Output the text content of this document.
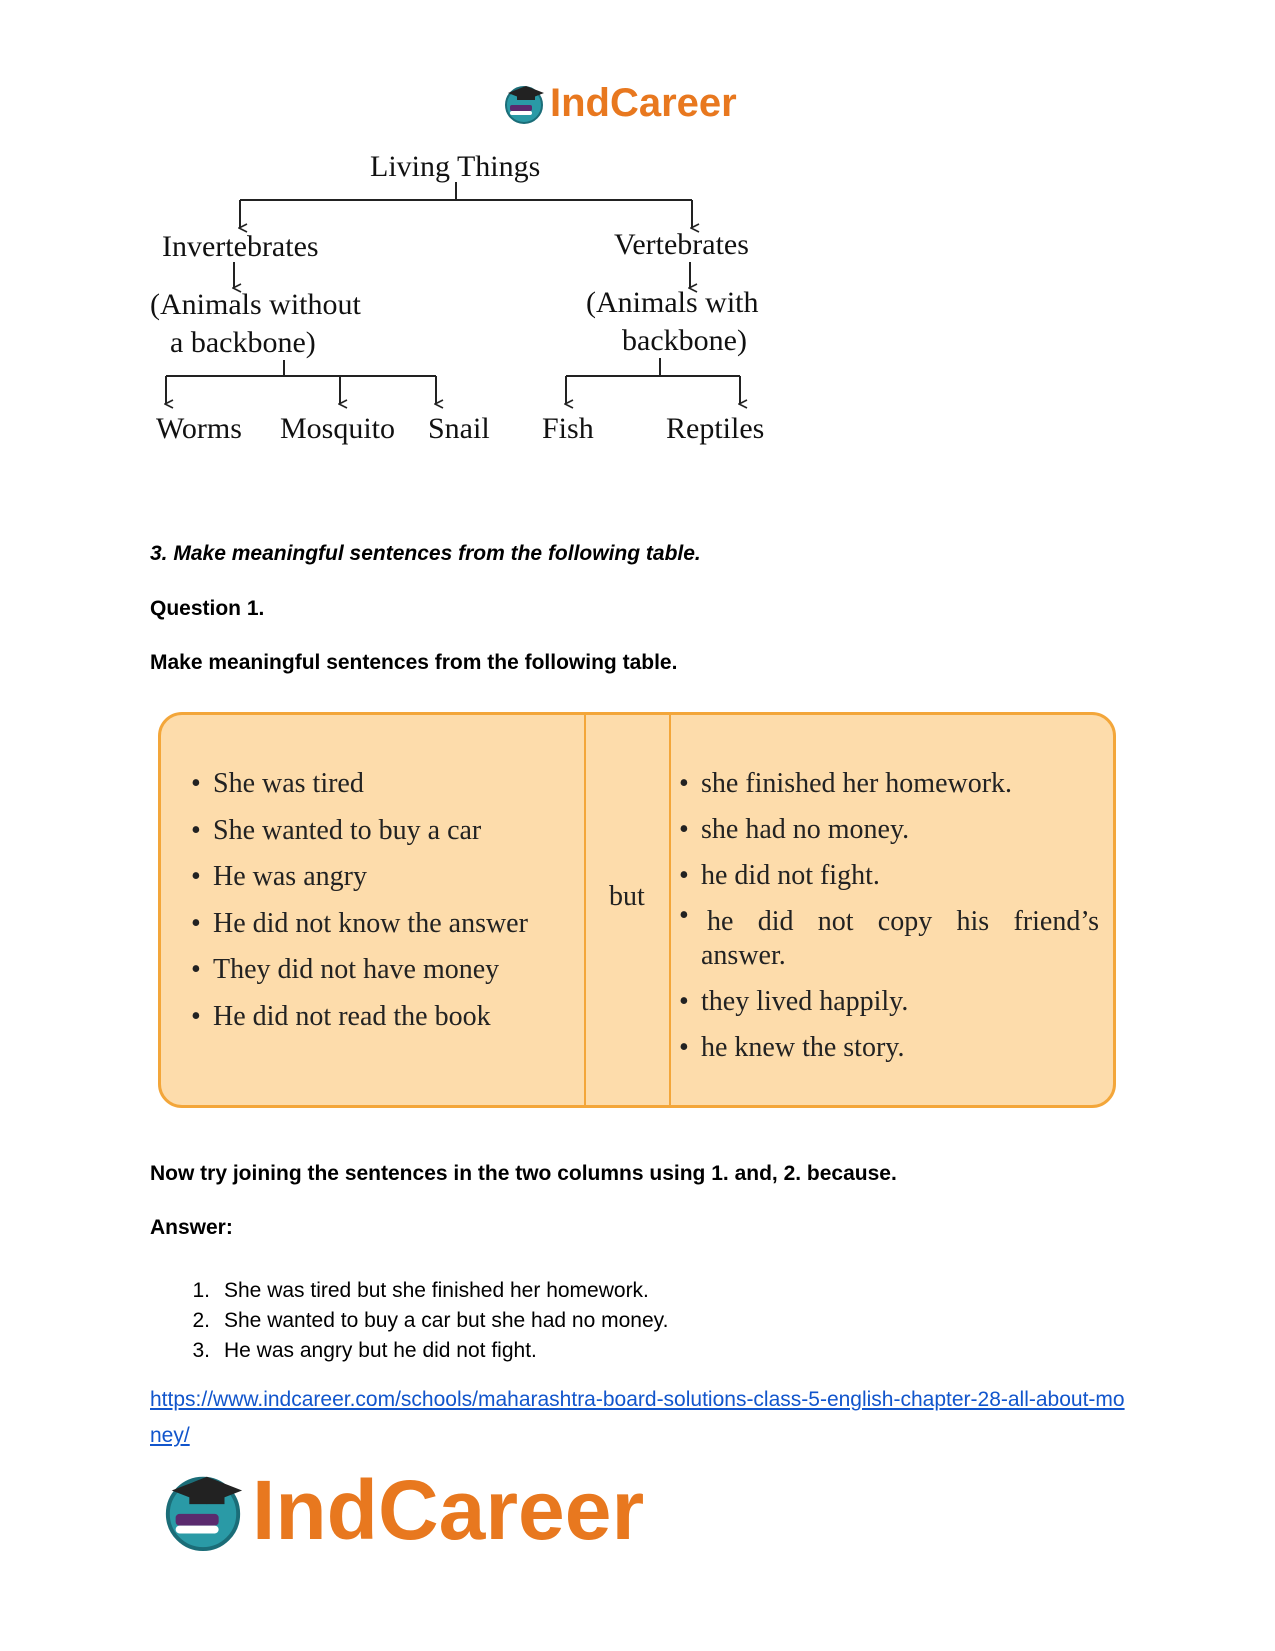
IndCareer
Living Things
Invertebrates
(Animals without
a backbone)
Vertebrates
(Animals with
backbone)
Worms Mosquito Snail Fish Reptiles
3. Make meaningful sentences from the following table.
Question 1.
Make meaningful sentences from the following table.
• She was tired
• She wanted to buy a car
• He was angry
• He did not know the answer
• They did not have money
• He did not read the book
but
• she finished her homework.
• she had no money.
• he did not fight.
• he did not copy his friend’s
answer.
• they lived happily.
• he knew the story.
Now try joining the sentences in the two columns using 1. and, 2. because.
Answer:
1. She was tired but she finished her homework.
2. She wanted to buy a car but she had no money.
3. He was angry but he did not fight.
https://www.indcareer.com/schools/maharashtra-board-solutions-class-5-english-chapter-28-all-about-money/
IndCareer
